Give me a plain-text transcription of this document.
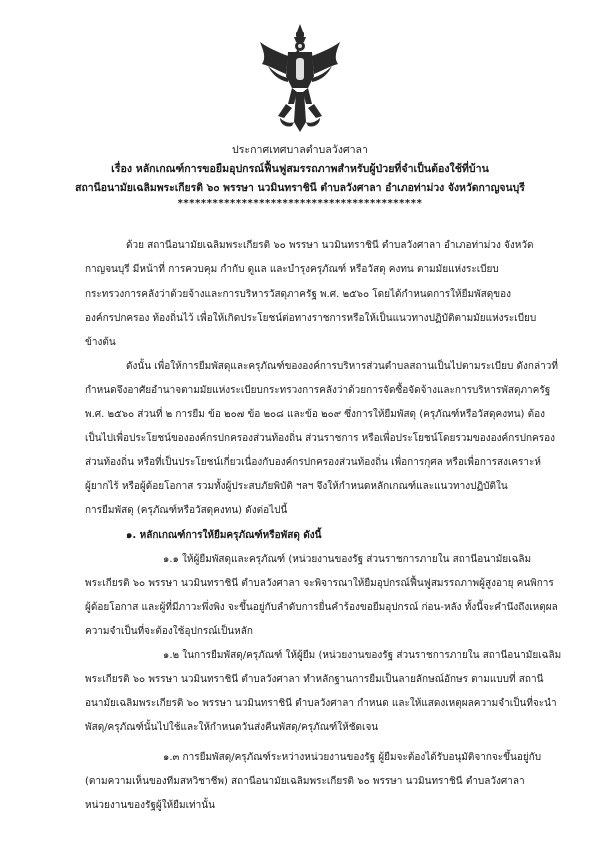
ประกาศเทศบาลตำบลวังศาลา
เรื่อง หลักเกณฑ์การขอยืมอุปกรณ์ฟื้นฟูสมรรถภาพสำหรับผู้ป่วยที่จำเป็นต้องใช้ที่บ้าน
สถานีอนามัยเฉลิมพระเกียรติ ๖๐ พรรษา นวมินทราชินี ตำบลวังศาลา อำเภอท่าม่วง จังหวัดกาญจนบุรี
******************************************
ด้วย สถานีอนามัยเฉลิมพระเกียรติ ๖๐ พรรษา นวมินทราชินี ตำบลวังศาลา อำเภอท่าม่วง จังหวัด
กาญจนบุรี มีหน้าที่ การควบคุม กำกับ ดูแล และบำรุงครุภัณฑ์ หรือวัสดุ คงทน ตามมัยแห่งระเบียบ
กระทรวงการคลังว่าด้วยจ้างและการบริหารวัสดุภาครัฐ พ.ศ. ๒๕๖๐ โดยได้กำหนดการให้ยืมพัสดุของ
องค์กรปกครอง ท้องถิ่นไว้ เพื่อให้เกิดประโยชน์ต่อทางราชการหรือให้เป็นแนวทางปฏิบัติตามมัยแห่งระเบียบ
ข้างต้น
ดังนั้น เพื่อให้การยืมพัสดุและครุภัณฑ์ขององค์การบริหารส่วนตำบลสถานเป็นไปตามระเบียบ ดังกล่าวที่
กำหนดจึงอาศัยอำนาจตามมัยแห่งระเบียบกระทรวงการคลังว่าด้วยการจัดซื้อจัดจ้างและการบริหารพัสดุภาครัฐ
พ.ศ. ๒๕๖๐ ส่วนที่ ๒ การยืม ข้อ ๒๐๗ ข้อ ๒๐๘ และข้อ ๒๐๙ ซึ่งการให้ยืมพัสดุ (ครุภัณฑ์หรือวัสดุคงทน) ต้อง
เป็นไปเพื่อประโยชน์ขององค์กรปกครองส่วนท้องถิ่น ส่วนราชการ หรือเพื่อประโยชน์โดยรวมขององค์กรปกครอง
ส่วนท้องถิ่น หรือที่เป็นประโยชน์เกี่ยวเนื่องกับองค์กรปกครองส่วนท้องถิ่น เพื่อการกุศล หรือเพื่อการสงเคราะห์
ผู้ยากไร้ หรือผู้ด้อยโอกาส รวมทั้งผู้ประสบภัยพิบัติ ฯลฯ จึงให้กำหนดหลักเกณฑ์และแนวทางปฏิบัติใน
การยืมพัสดุ (ครุภัณฑ์หรือวัสดุคงทน) ดังต่อไปนี้
๑. หลักเกณฑ์การให้ยืมครุภัณฑ์หรือพัสดุ ดังนี้
๑.๑ ให้ผู้ยืมพัสดุและครุภัณฑ์ (หน่วยงานของรัฐ ส่วนราชการภายใน สถานีอนามัยเฉลิม
พระเกียรติ ๖๐ พรรษา นวมินทราชินี ตำบลวังศาลา จะพิจารณาให้ยืมอุปกรณ์ฟื้นฟูสมรรถภาพผู้สูงอายุ คนพิการ
ผู้ด้อยโอกาส และผู้ที่มีภาวะพึ่งพิง จะขึ้นอยู่กับลำดับการยื่นคำร้องขอยืมอุปกรณ์ ก่อน-หลัง ทั้งนี้จะคำนึงถึงเหตุผล
ความจำเป็นที่จะต้องใช้อุปกรณ์เป็นหลัก
๑.๒ ในการยืมพัสดุ/ครุภัณฑ์ ให้ผู้ยืม (หน่วยงานของรัฐ ส่วนราชการภายใน สถานีอนามัยเฉลิม
พระเกียรติ ๖๐ พรรษา นวมินทราชินี ตำบลวังศาลา ทำหลักฐานการยืมเป็นลายลักษณ์อักษร ตามแบบที่ สถานี
อนามัยเฉลิมพระเกียรติ ๖๐ พรรษา นวมินทราชินี ตำบลวังศาลา กำหนด และให้แสดงเหตุผลความจำเป็นที่จะนำ
พัสดุ/ครุภัณฑ์นั้นไปใช้และให้กำหนดวันส่งคืนพัสดุ/ครุภัณฑ์ให้ชัดเจน
๑.๓ การยืมพัสดุ/ครุภัณฑ์ระหว่างหน่วยงานของรัฐ ผู้ยืมจะต้องได้รับอนุมัติจากจะขึ้นอยู่กับ
(ตามความเห็นของทีมสหวิชาชีพ) สถานีอนามัยเฉลิมพระเกียรติ ๖๐ พรรษา นวมินทราชินี ตำบลวังศาลา
หน่วยงานของรัฐผู้ให้ยืมเท่านั้น
